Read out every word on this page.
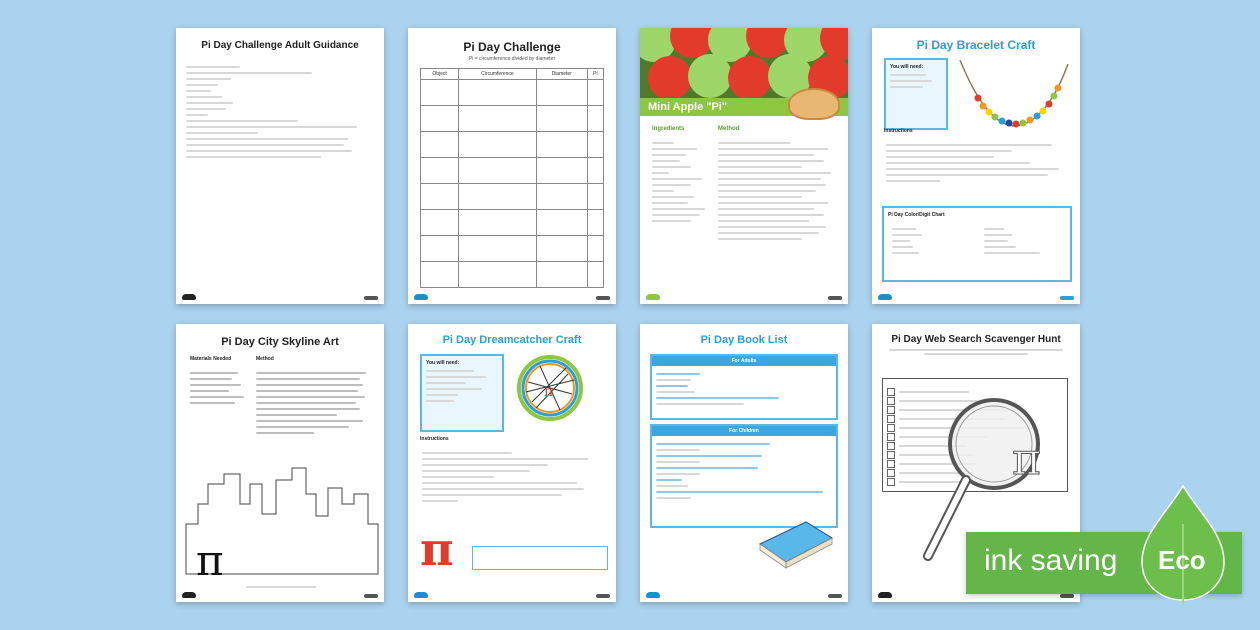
Pi Day Challenge Adult Guidance	Pi Day Challenge
Pi = circumference divided by diameter
Object	Circumference	Diameter	Pi

Mini Apple "Pi"
Ingredients	Method
Pi Day Bracelet Craft
You will need:
Instructions
Pi Day Color/Digit Chart
Pi Day City Skyline Art
Materials Needed	Method
π
Pi Day Dreamcatcher Craft
You will need:
π
Instructions
π
Pi Day Book List
For Adults
For Children
Pi Day Web Search Scavenger Hunt
π
ink saving Eco
